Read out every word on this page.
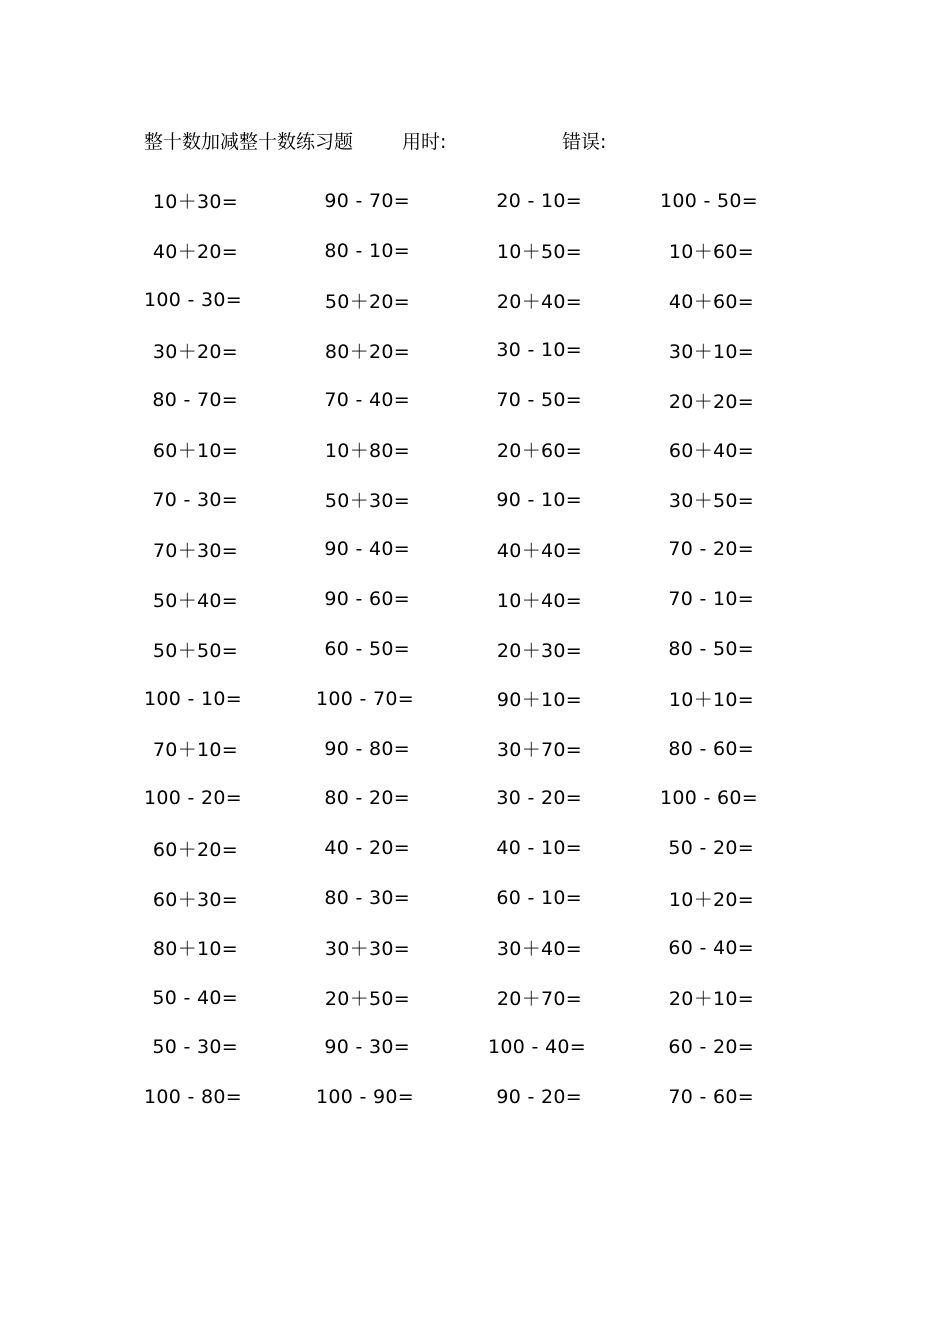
整十数加减整十数练习题	用时:	错误:
10＋30=	90 - 70=	20 - 10=	100 - 50=
40＋20=	80 - 10=	10＋50=	10＋60=
100 - 30=	50＋20=	20＋40=	40＋60=
30＋20=	80＋20=	30 - 10=	30＋10=
80 - 70=	70 - 40=	70 - 50=	20＋20=
60＋10=	10＋80=	20＋60=	60＋40=
70 - 30=	50＋30=	90 - 10=	30＋50=
70＋30=	90 - 40=	40＋40=	70 - 20=
50＋40=	90 - 60=	10＋40=	70 - 10=
50＋50=	60 - 50=	20＋30=	80 - 50=
100 - 10=	100 - 70=	90＋10=	10＋10=
70＋10=	90 - 80=	30＋70=	80 - 60=
100 - 20=	80 - 20=	30 - 20=	100 - 60=
60＋20=	40 - 20=	40 - 10=	50 - 20=
60＋30=	80 - 30=	60 - 10=	10＋20=
80＋10=	30＋30=	30＋40=	60 - 40=
50 - 40=	20＋50=	20＋70=	20＋10=
50 - 30=	90 - 30=	100 - 40=	60 - 20=
100 - 80=	100 - 90=	90 - 20=	70 - 60=
